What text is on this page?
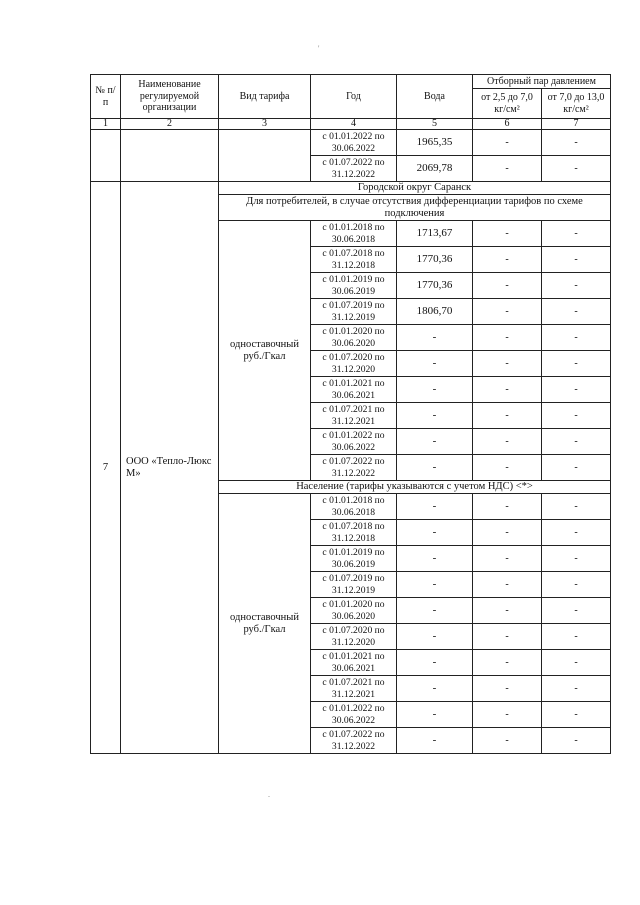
'
№ п/п	Наименование регулируемой организации	Вид тарифа	Год	Вода	Отборный пар давлением	
					от 2,5 до 7,0 кг/см²	от 7,0 до 13,0 кг/см²

1	2	3	4	5	6	7
			с 01.01.2022 по 30.06.2022	1965,35	-	-
			с 01.07.2022 по 31.12.2022	2069,78	-	-
7	ООО «Тепло-Люкс М»	Городской округ Саранск				
		Для потребителей, в случае отсутствия дифференциации тарифов по схеме подключения				
		одноставочный руб./Гкал	с 01.01.2018 по 30.06.2018	1713,67	-	-
			с 01.07.2018 по 31.12.2018	1770,36	-	-
			с 01.01.2019 по 30.06.2019	1770,36	-	-
			с 01.07.2019 по 31.12.2019	1806,70	-	-
			с 01.01.2020 по 30.06.2020	-	-	-
			с 01.07.2020 по 31.12.2020	-	-	-
			с 01.01.2021 по 30.06.2021	-	-	-
			с 01.07.2021 по 31.12.2021	-	-	-
			с 01.01.2022 по 30.06.2022	-	-	-
			с 01.07.2022 по 31.12.2022	-	-	-
		Население (тарифы указываются с учетом НДС) <*>				
		одноставочный руб./Гкал	с 01.01.2018 по 30.06.2018	-	-	-
			с 01.07.2018 по 31.12.2018	-	-	-
			с 01.01.2019 по 30.06.2019	-	-	-
			с 01.07.2019 по 31.12.2019	-	-	-
			с 01.01.2020 по 30.06.2020	-	-	-
			с 01.07.2020 по 31.12.2020	-	-	-
			с 01.01.2021 по 30.06.2021	-	-	-
			с 01.07.2021 по 31.12.2021	-	-	-
			с 01.01.2022 по 30.06.2022	-	-	-
			с 01.07.2022 по 31.12.2022	-	-	-
.
